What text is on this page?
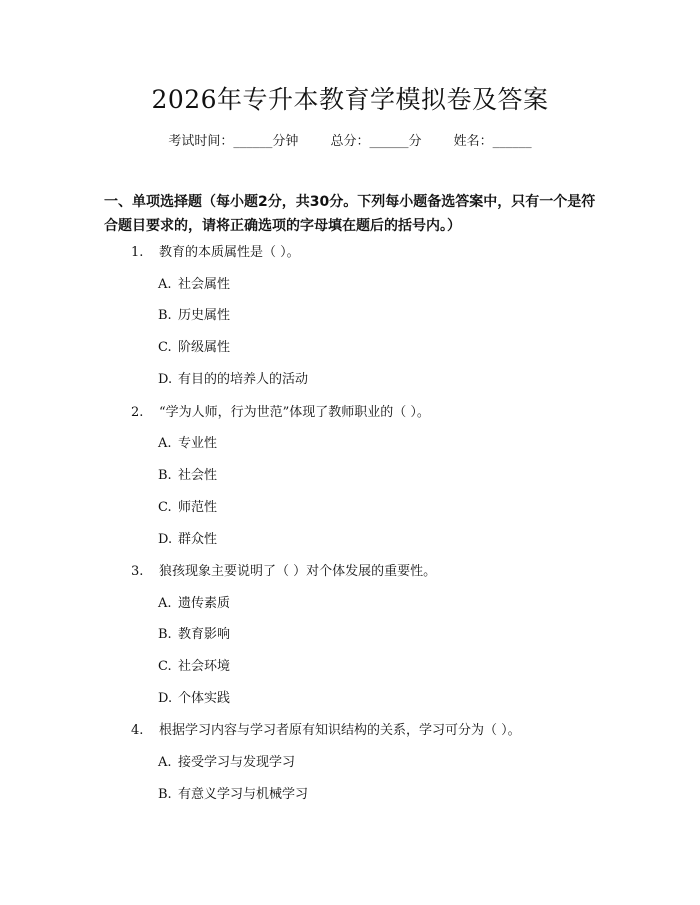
2026年专升本教育学模拟卷及答案
考试时间：______分钟 总分：______分 姓名：______
一、单项选择题（每小题2分，共30分。下列每小题备选答案中，只有一个是符合题目要求的，请将正确选项的字母填在题后的括号内。）
1. 教育的本质属性是（ ）。
A. 社会属性
B. 历史属性
C. 阶级属性
D. 有目的的培养人的活动
2. “学为人师，行为世范”体现了教师职业的（ ）。
A. 专业性
B. 社会性
C. 师范性
D. 群众性
3. 狼孩现象主要说明了（ ）对个体发展的重要性。
A. 遗传素质
B. 教育影响
C. 社会环境
D. 个体实践
4. 根据学习内容与学习者原有知识结构的关系，学习可分为（ ）。
A. 接受学习与发现学习
B. 有意义学习与机械学习
